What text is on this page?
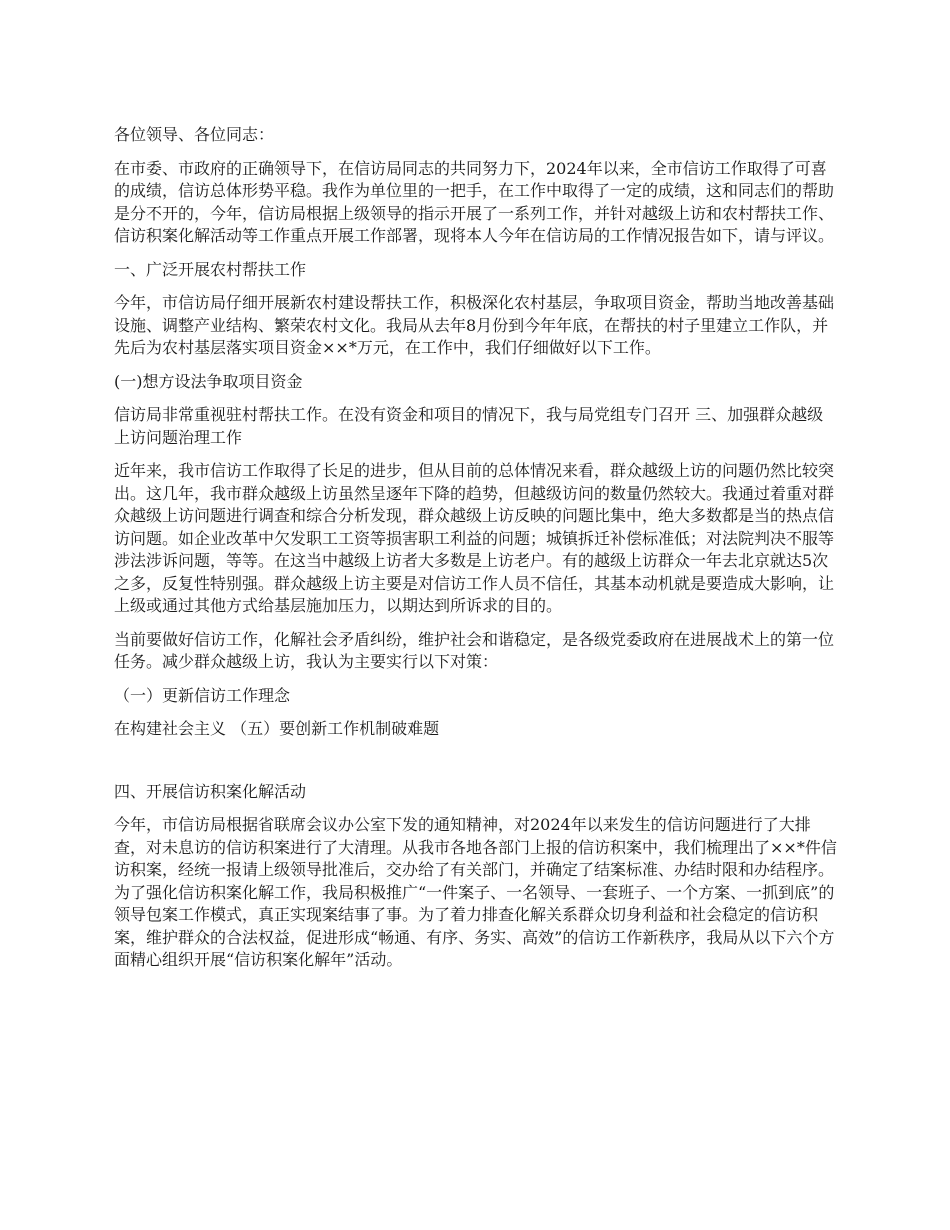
各位领导、各位同志：

在市委、市政府的正确领导下，在信访局同志的共同努力下，2024年以来，全市信访工作取得了可喜的成绩，信访总体形势平稳。我作为单位里的一把手，在工作中取得了一定的成绩，这和同志们的帮助是分不开的，今年，信访局根据上级领导的指示开展了一系列工作，并针对越级上访和农村帮扶工作、信访积案化解活动等工作重点开展工作部署，现将本人今年在信访局的工作情况报告如下，请与评议。

一、广泛开展农村帮扶工作

今年，市信访局仔细开展新农村建设帮扶工作，积极深化农村基层，争取项目资金，帮助当地改善基础设施、调整产业结构、繁荣农村文化。我局从去年8月份到今年年底，在帮扶的村子里建立工作队，并先后为农村基层落实项目资金××*万元，在工作中，我们仔细做好以下工作。

(一)想方设法争取项目资金

信访局非常重视驻村帮扶工作。在没有资金和项目的情况下，我与局党组专门召开 三、加强群众越级上访问题治理工作

近年来，我市信访工作取得了长足的进步，但从目前的总体情况来看，群众越级上访的问题仍然比较突出。这几年，我市群众越级上访虽然呈逐年下降的趋势，但越级访问的数量仍然较大。我通过着重对群众越级上访问题进行调查和综合分析发现，群众越级上访反映的问题比集中，绝大多数都是当的热点信访问题。如企业改革中欠发职工工资等损害职工利益的问题；城镇拆迁补偿标准低；对法院判决不服等涉法涉诉问题，等等。在这当中越级上访者大多数是上访老户。有的越级上访群众一年去北京就达5次之多，反复性特别强。群众越级上访主要是对信访工作人员不信任，其基本动机就是要造成大影响，让上级或通过其他方式给基层施加压力，以期达到所诉求的目的。

当前要做好信访工作，化解社会矛盾纠纷，维护社会和谐稳定，是各级党委政府在进展战术上的第一位任务。减少群众越级上访，我认为主要实行以下对策：

（一）更新信访工作理念

在构建社会主义 （五）要创新工作机制破难题

四、开展信访积案化解活动

今年，市信访局根据省联席会议办公室下发的通知精神，对2024年以来发生的信访问题进行了大排查，对未息访的信访积案进行了大清理。从我市各地各部门上报的信访积案中，我们梳理出了××*件信访积案，经统一报请上级领导批准后，交办给了有关部门，并确定了结案标准、办结时限和办结程序。为了强化信访积案化解工作，我局积极推广“一件案子、一名领导、一套班子、一个方案、一抓到底”的领导包案工作模式，真正实现案结事了事。为了着力排查化解关系群众切身利益和社会稳定的信访积案，维护群众的合法权益，促进形成“畅通、有序、务实、高效”的信访工作新秩序，我局从以下六个方面精心组织开展“信访积案化解年”活动。
